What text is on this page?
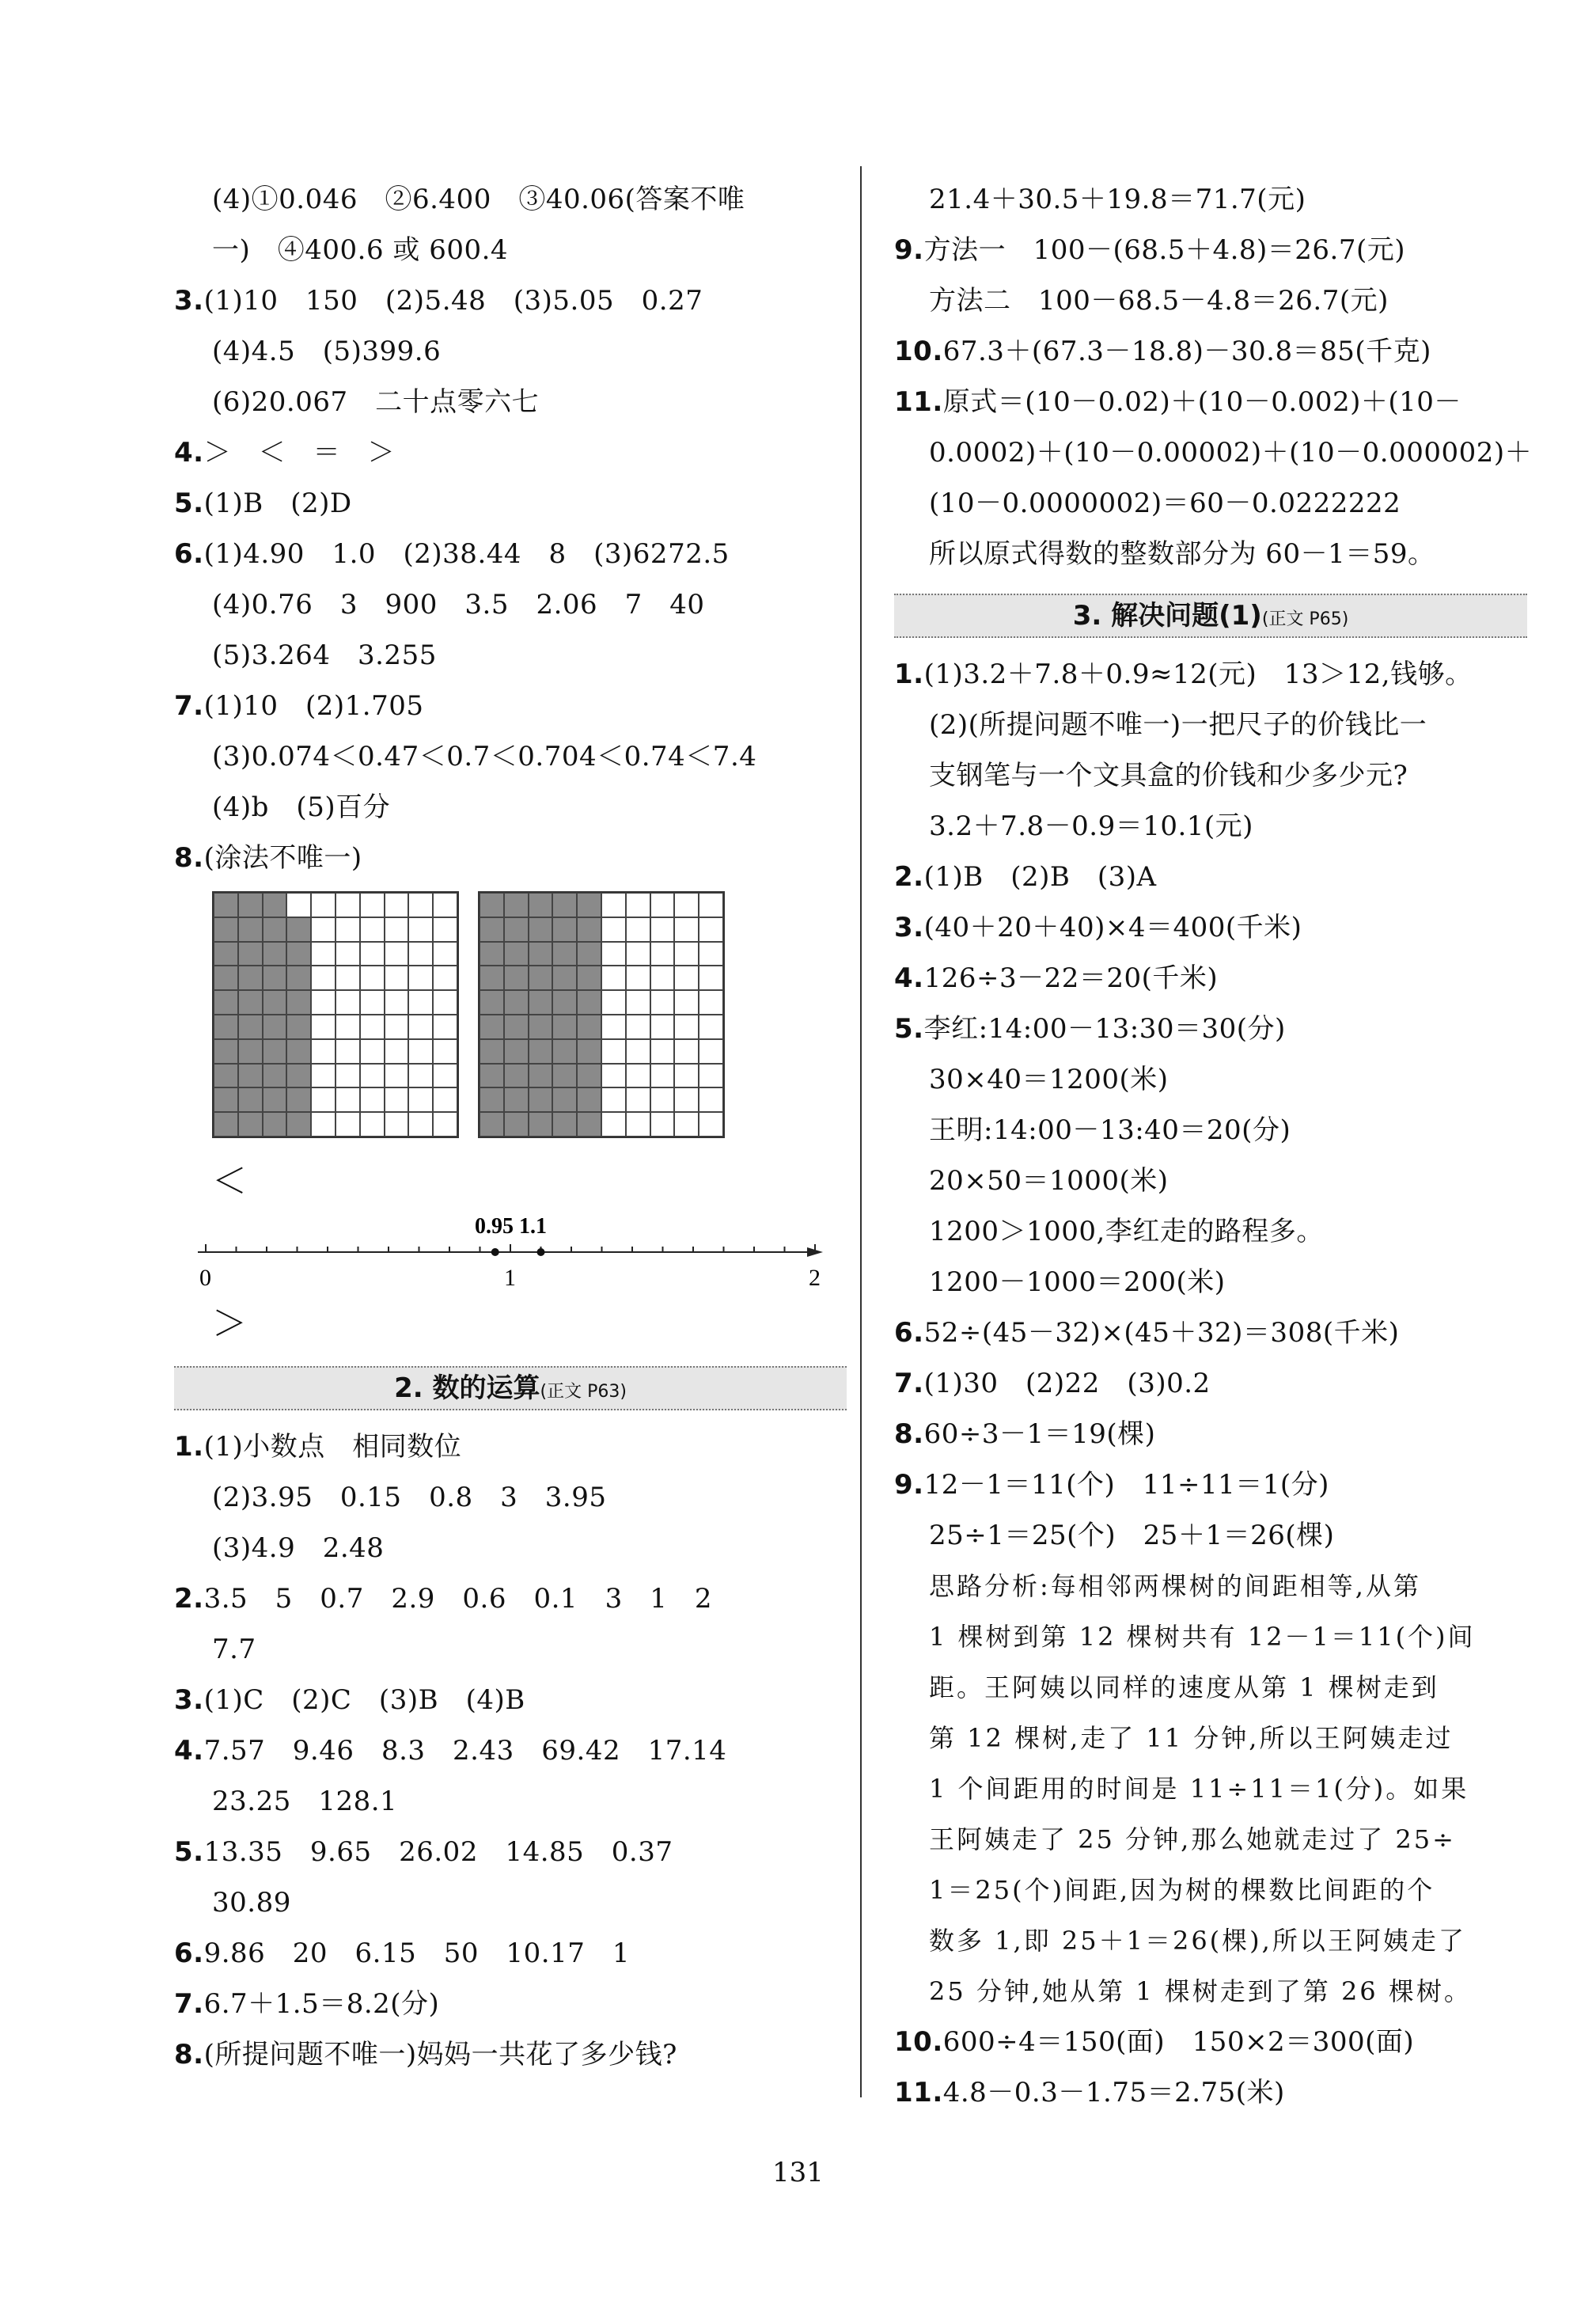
(4)①0.046　②6.400　③40.06(答案不唯
一)　④400.6 或 600.4
3.(1)10　150　(2)5.48　(3)5.05　0.27
(4)4.5　(5)399.6
(6)20.067　二十点零六七
4.＞　＜　＝　＞
5.(1)B　(2)D
6.(1)4.90　1.0　(2)38.44　8　(3)6272.5
(4)0.76　3　900　3.5　2.06　7　40
(5)3.264　3.255
7.(1)10　(2)1.705
(3)0.074＜0.47＜0.7＜0.704＜0.74＜7.4
(4)b　(5)百分
8.(涂法不唯一)
＜
0.95 1.1
0	1	2
＞
2. 数的运算(正文 P63)
1.(1)小数点　相同数位
(2)3.95　0.15　0.8　3　3.95
(3)4.9　2.48
2.3.5　5　0.7　2.9　0.6　0.1　3　1　2
7.7
3.(1)C　(2)C　(3)B　(4)B
4.7.57　9.46　8.3　2.43　69.42　17.14
23.25　128.1
5.13.35　9.65　26.02　14.85　0.37
30.89
6.9.86　20　6.15　50　10.17　1
7.6.7＋1.5＝8.2(分)
8.(所提问题不唯一)妈妈一共花了多少钱?
21.4＋30.5＋19.8＝71.7(元)
9.方法一　100－(68.5＋4.8)＝26.7(元)
方法二　100－68.5－4.8＝26.7(元)
10.67.3＋(67.3－18.8)－30.8＝85(千克)
11.原式＝(10－0.02)＋(10－0.002)＋(10－
0.0002)＋(10－0.00002)＋(10－0.000002)＋
(10－0.0000002)＝60－0.0222222
所以原式得数的整数部分为 60－1＝59。
3. 解决问题(1)(正文 P65)
1.(1)3.2＋7.8＋0.9≈12(元)　13＞12,钱够。
(2)(所提问题不唯一)一把尺子的价钱比一
支钢笔与一个文具盒的价钱和少多少元?
3.2＋7.8－0.9＝10.1(元)
2.(1)B　(2)B　(3)A
3.(40＋20＋40)×4＝400(千米)
4.126÷3－22＝20(千米)
5.李红:14:00－13:30＝30(分)
30×40＝1200(米)
王明:14:00－13:40＝20(分)
20×50＝1000(米)
1200＞1000,李红走的路程多。
1200－1000＝200(米)
6.52÷(45－32)×(45＋32)＝308(千米)
7.(1)30　(2)22　(3)0.2
8.60÷3－1＝19(棵)
9.12－1＝11(个)　11÷11＝1(分)
25÷1＝25(个)　25＋1＝26(棵)
思路分析:每相邻两棵树的间距相等,从第
1 棵树到第 12 棵树共有 12－1＝11(个)间
距。王阿姨以同样的速度从第 1 棵树走到
第 12 棵树,走了 11 分钟,所以王阿姨走过
1 个间距用的时间是 11÷11＝1(分)。如果
王阿姨走了 25 分钟,那么她就走过了 25÷
1＝25(个)间距,因为树的棵数比间距的个
数多 1,即 25＋1＝26(棵),所以王阿姨走了
25 分钟,她从第 1 棵树走到了第 26 棵树。
10.600÷4＝150(面)　150×2＝300(面)
11.4.8－0.3－1.75＝2.75(米)
131
